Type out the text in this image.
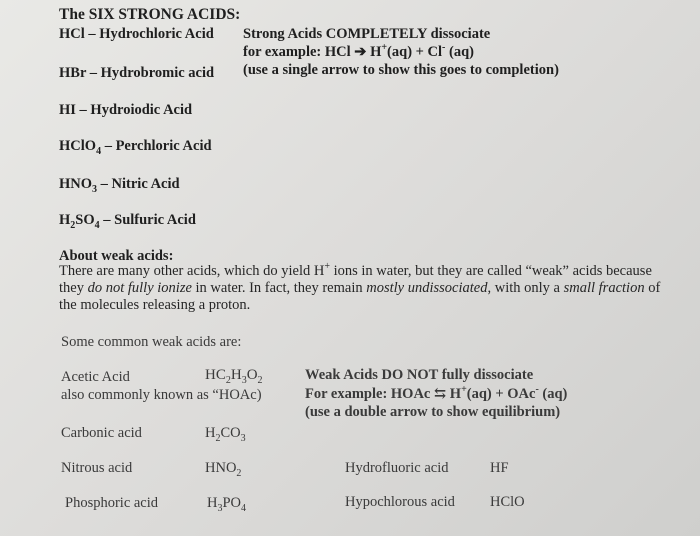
The SIX STRONG ACIDS:
HCl – Hydrochloric Acid
HBr – Hydrobromic acid
HI – Hydroiodic Acid
HClO$_4$ – Perchloric Acid
$HNO_3$ – Nitric Acid
$H_2SO_4$ – Sulfuric Acid
Strong Acids COMPLETELY dissociate
for example: HCl ➔ H+(aq) + Cl- (aq)
(use a single arrow to show this goes to completion)
About weak acids:
There are many other acids, which do yield H+ ions in water, but they are called “weak” acids because they do not fully ionize in water. In fact, they remain mostly undissociated, with only a small fraction of the molecules releasing a proton.
Some common weak acids are:
Acetic Acid	$HC_2H_3O_2$
also commonly known as “HOAc)
Weak Acids DO NOT fully dissociate
For example: HOAc ⇆ H+(aq) + OAc- (aq)
(use a double arrow to show equilibrium)
Carbonic acid	$H_2CO_3$
Nitrous acid	$HNO_2$	Hydrofluoric acid	HF
Phosphoric acid	$H_3PO_4$	Hypochlorous acid HClO
